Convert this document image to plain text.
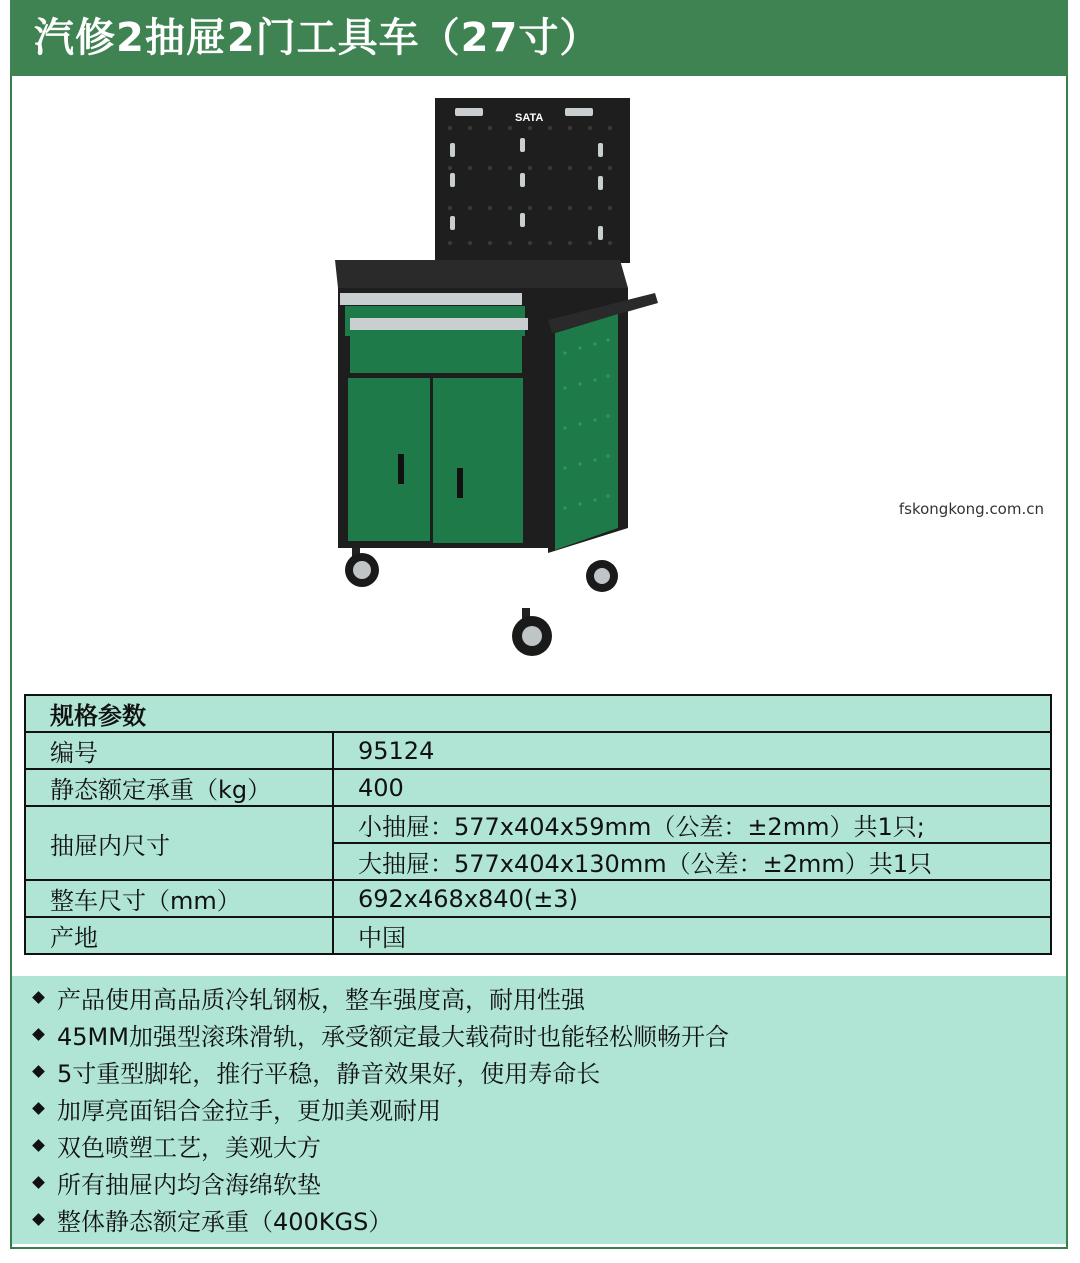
汽修2抽屉2门工具车（27寸）
SATA
fskongkong.com.cn
规格参数	
编号	95124
静态额定承重（kg）	400
抽屉内尺寸	小抽屉：577x404x59mm（公差：±2mm）共1只;
	大抽屉：577x404x130mm（公差：±2mm）共1只
整车尺寸（mm）	692x468x840(±3)
产地	中国
产品使用高品质冷轧钢板，整车强度高，耐用性强
45MM加强型滚珠滑轨，承受额定最大载荷时也能轻松顺畅开合
5寸重型脚轮，推行平稳，静音效果好，使用寿命长
加厚亮面铝合金拉手，更加美观耐用
双色喷塑工艺，美观大方
所有抽屉内均含海绵软垫
整体静态额定承重（400KGS）
